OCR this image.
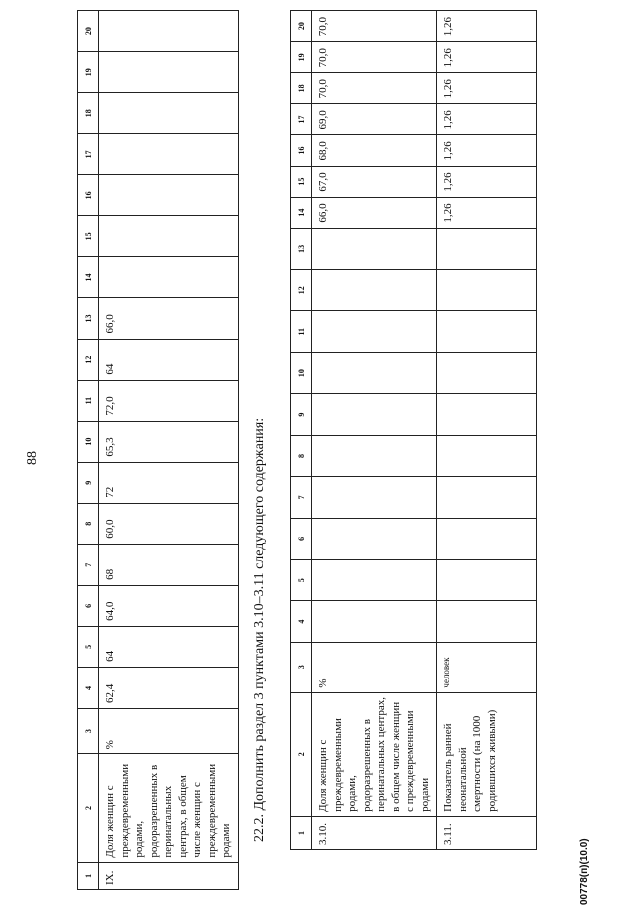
1	2	3	4	5	6	7	8	9	10	11	12	13	14	15	16	17	18	19	20
IX.	Доля женщин с преждевременными родами, родоразрешенных в перинатальных центрах, в общем числе женщин с преждевременными родами	%	62,4	64	64,0	68	60,0	72	65,3	72,0	64	66,0							
88	22.2. Дополнить раздел 3 пунктами 3.10–3.11 следующего содержания:	1	2	3	4	5	6	7	8	9	10	11	12	13	14	15	16	17	18	19	20
3.10.	Доля женщин с преждевременными родами, родоразрешенных в перинатальных центрах, в общем числе женщин с преждевременными родами	%											66,0	67,0	68,0	69,0	70,0	70,0	70,0
3.11.	Показатель ранней неонатальной смертности (на 1000 родившихся живыми)	человек											1,26	1,26	1,26	1,26	1,26	1,26	1,26
00778(п)(10.0)
